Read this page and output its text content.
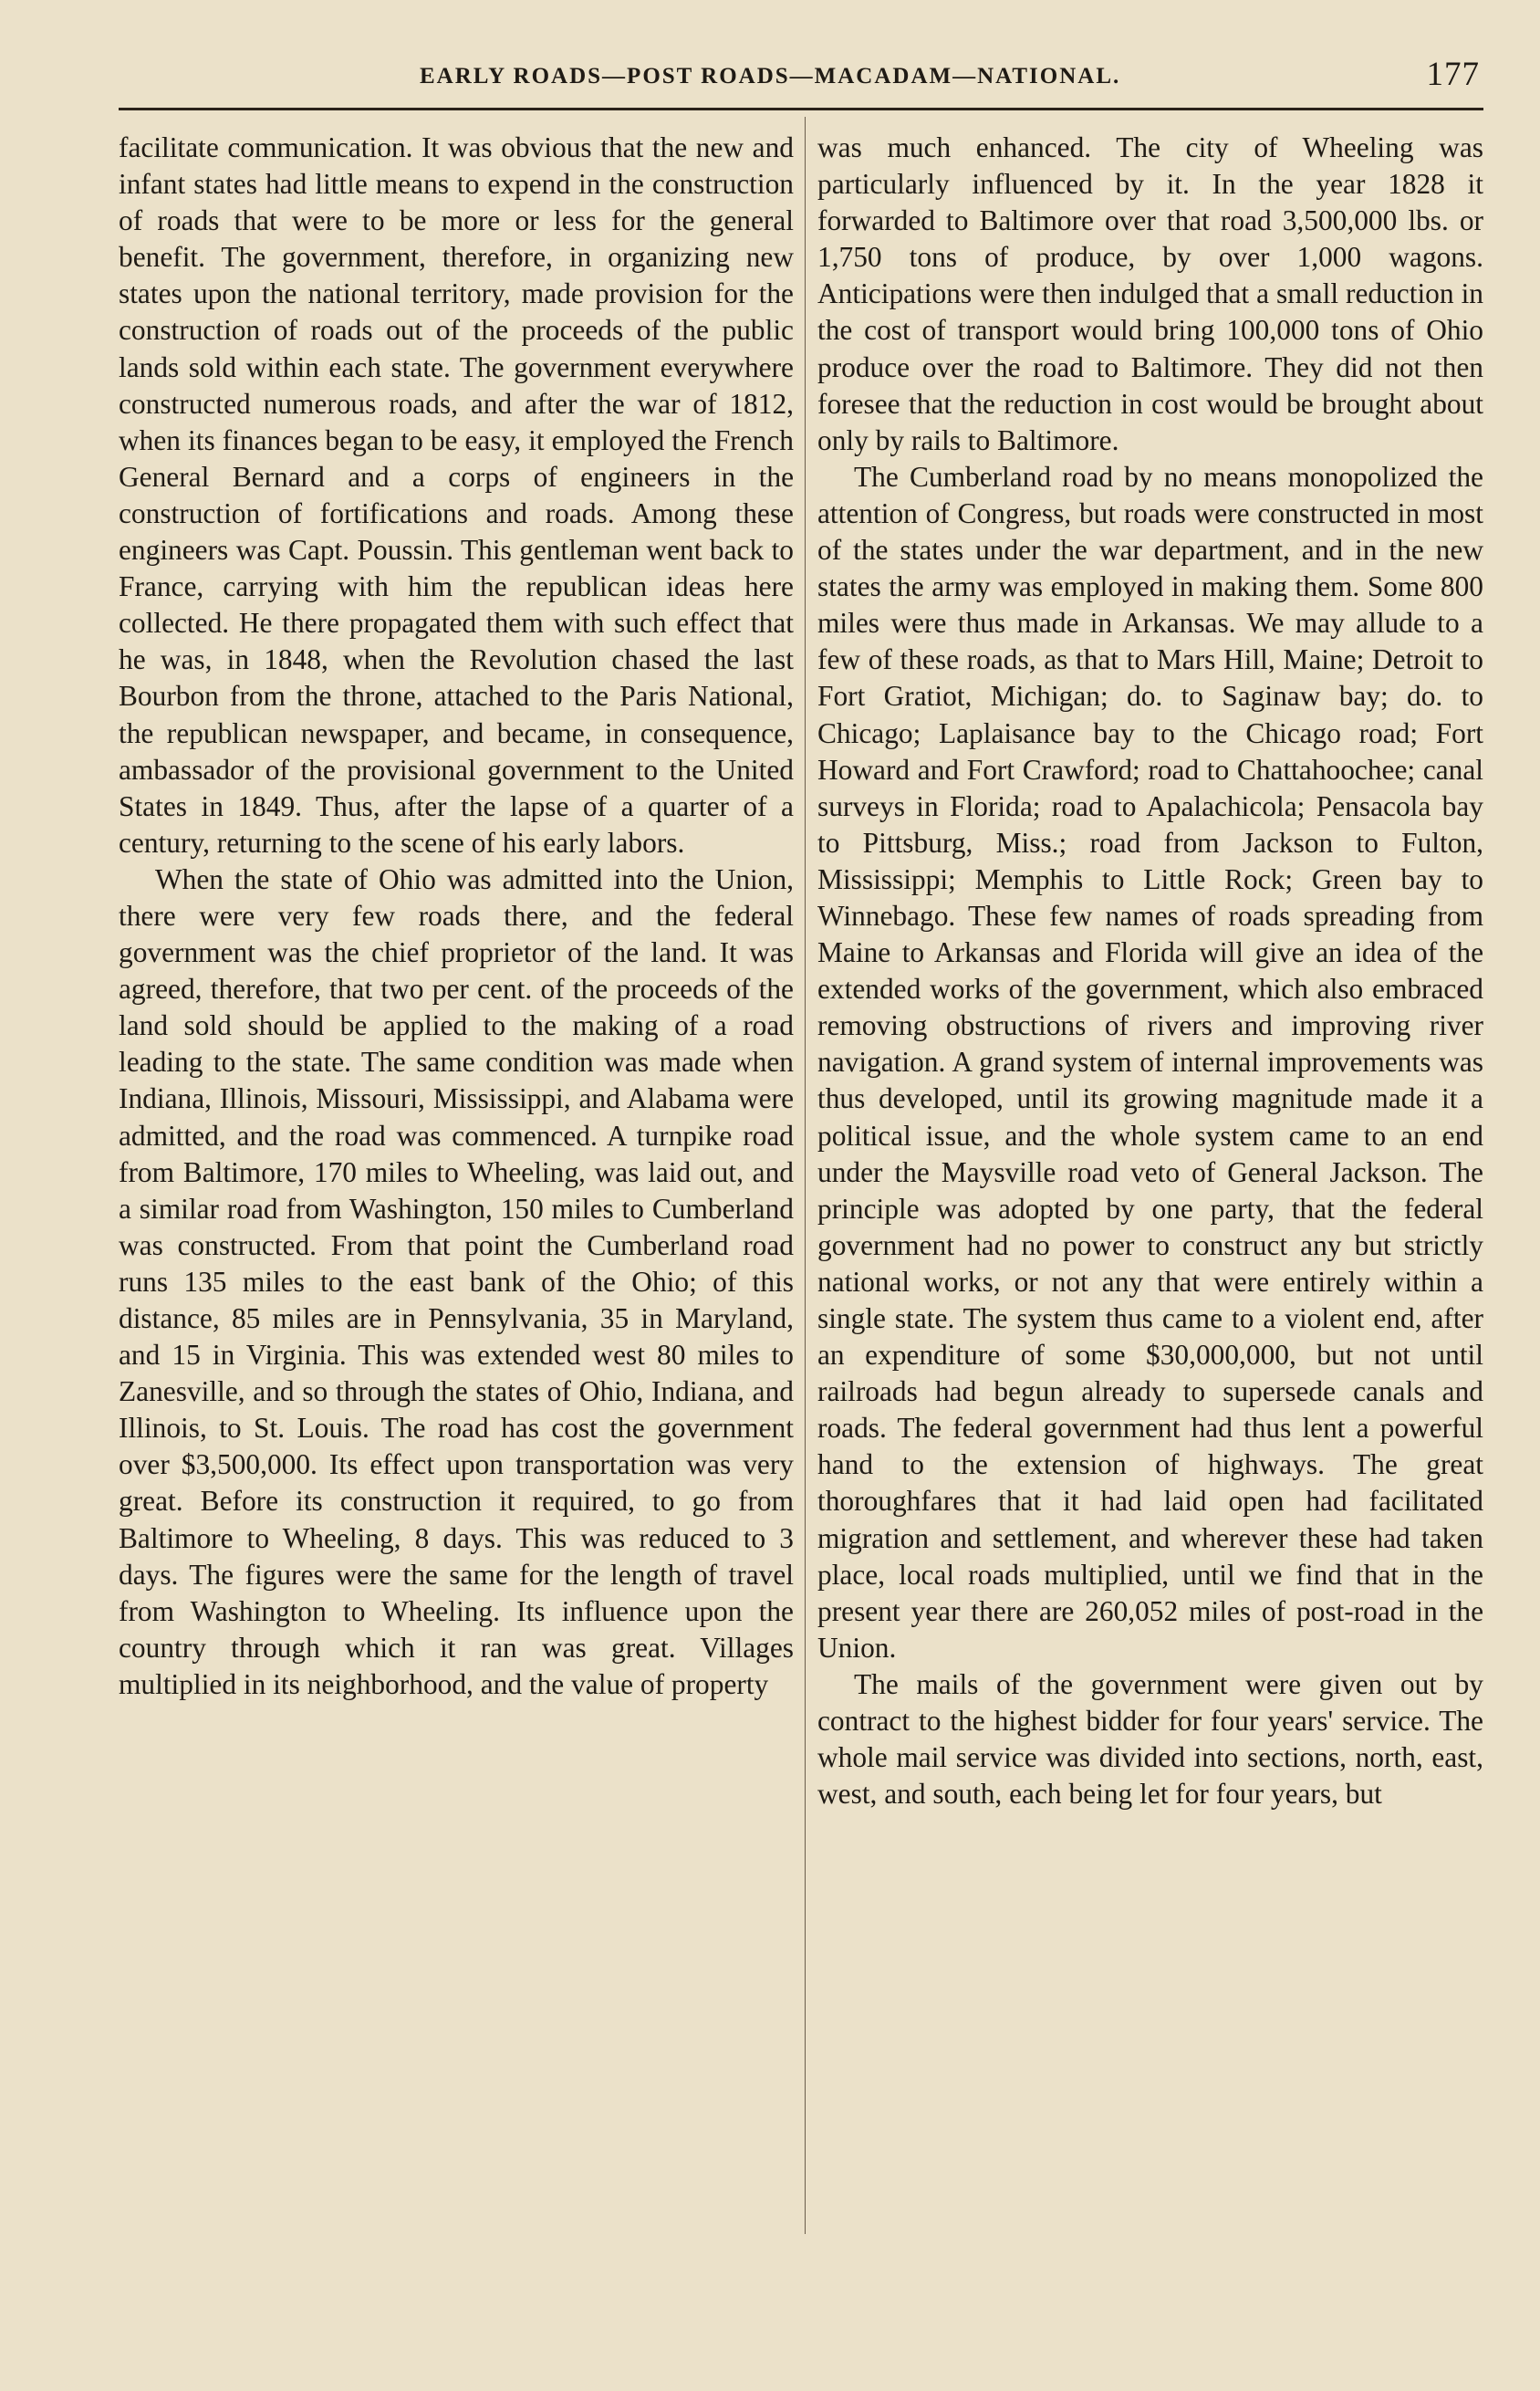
EARLY ROADS—POST ROADS—MACADAM—NATIONAL.	177

facilitate communication. It was obvious that the new and infant states had little means to expend in the construction of roads that were to be more or less for the general benefit. The government, therefore, in organizing new states upon the national territory, made provision for the construction of roads out of the proceeds of the public lands sold within each state. The government everywhere constructed numerous roads, and after the war of 1812, when its finances began to be easy, it employed the French General Bernard and a corps of engineers in the construction of fortifications and roads. Among these engineers was Capt. Poussin. This gentleman went back to France, carrying with him the republican ideas here collected. He there propagated them with such effect that he was, in 1848, when the Revolution chased the last Bourbon from the throne, attached to the Paris National, the republican newspaper, and became, in consequence, ambassador of the provisional government to the United States in 1849. Thus, after the lapse of a quarter of a century, returning to the scene of his early labors.

When the state of Ohio was admitted into the Union, there were very few roads there, and the federal government was the chief proprietor of the land. It was agreed, therefore, that two per cent. of the proceeds of the land sold should be applied to the making of a road leading to the state. The same condition was made when Indiana, Illinois, Missouri, Mississippi, and Alabama were admitted, and the road was commenced. A turnpike road from Baltimore, 170 miles to Wheeling, was laid out, and a similar road from Washington, 150 miles to Cumberland was constructed. From that point the Cumberland road runs 135 miles to the east bank of the Ohio; of this distance, 85 miles are in Pennsylvania, 35 in Maryland, and 15 in Virginia. This was extended west 80 miles to Zanesville, and so through the states of Ohio, Indiana, and Illinois, to St. Louis. The road has cost the government over $3,500,000. Its effect upon transportation was very great. Before its construction it required, to go from Baltimore to Wheeling, 8 days. This was reduced to 3 days. The figures were the same for the length of travel from Washington to Wheeling. Its influence upon the country through which it ran was great. Villages multiplied in its neighborhood, and the value of property

was much enhanced. The city of Wheeling was particularly influenced by it. In the year 1828 it forwarded to Baltimore over that road 3,500,000 lbs. or 1,750 tons of produce, by over 1,000 wagons. Anticipations were then indulged that a small reduction in the cost of transport would bring 100,000 tons of Ohio produce over the road to Baltimore. They did not then foresee that the reduction in cost would be brought about only by rails to Baltimore.

The Cumberland road by no means monopolized the attention of Congress, but roads were constructed in most of the states under the war department, and in the new states the army was employed in making them. Some 800 miles were thus made in Arkansas. We may allude to a few of these roads, as that to Mars Hill, Maine; Detroit to Fort Gratiot, Michigan; do. to Saginaw bay; do. to Chicago; Laplaisance bay to the Chicago road; Fort Howard and Fort Crawford; road to Chattahoochee; canal surveys in Florida; road to Apalachicola; Pensacola bay to Pittsburg, Miss.; road from Jackson to Fulton, Mississippi; Memphis to Little Rock; Green bay to Winnebago. These few names of roads spreading from Maine to Arkansas and Florida will give an idea of the extended works of the government, which also embraced removing obstructions of rivers and improving river navigation. A grand system of internal improvements was thus developed, until its growing magnitude made it a political issue, and the whole system came to an end under the Maysville road veto of General Jackson. The principle was adopted by one party, that the federal government had no power to construct any but strictly national works, or not any that were entirely within a single state. The system thus came to a violent end, after an expenditure of some $30,000,000, but not until railroads had begun already to supersede canals and roads. The federal government had thus lent a powerful hand to the extension of highways. The great thoroughfares that it had laid open had facilitated migration and settlement, and wherever these had taken place, local roads multiplied, until we find that in the present year there are 260,052 miles of post-road in the Union.

The mails of the government were given out by contract to the highest bidder for four years' service. The whole mail service was divided into sections, north, east, west, and south, each being let for four years, but
